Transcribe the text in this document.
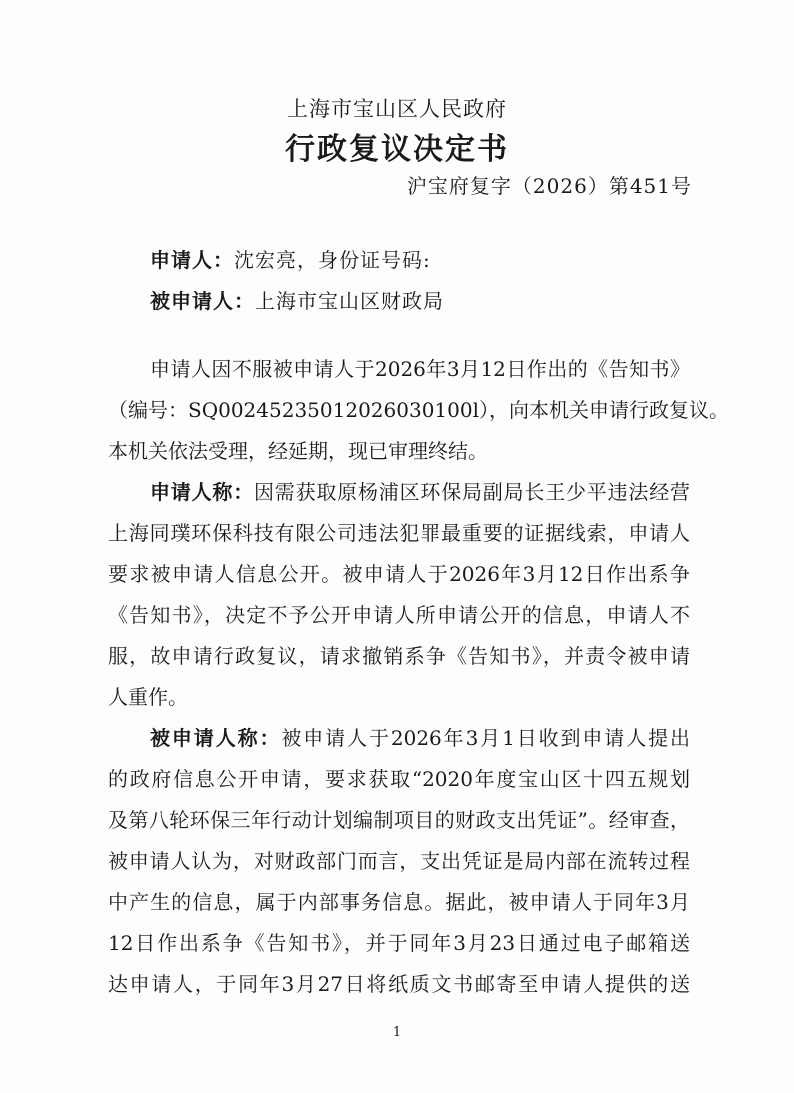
上海市宝山区人民政府
行政复议决定书
沪宝府复字（2026）第451号
申请人：沈宏亮，身份证号码:
被申请人：上海市宝山区财政局
申请人因不服被申请人于2026年3月12日作出的《告知书》
（编号：SQ00245235012026030100l），向本机关申请行政复议。
本机关依法受理，经延期，现已审理终结。
申请人称：因需获取原杨浦区环保局副局长王少平违法经营
上海同璞环保科技有限公司违法犯罪最重要的证据线索，申请人
要求被申请人信息公开。被申请人于2026年3月12日作出系争
《告知书》，决定不予公开申请人所申请公开的信息，申请人不
服，故申请行政复议，请求撤销系争《告知书》，并责令被申请
人重作。
被申请人称：被申请人于2026年3月1日收到申请人提出
的政府信息公开申请，要求获取“2020年度宝山区十四五规划
及第八轮环保三年行动计划编制项目的财政支出凭证”。经审查，
被申请人认为，对财政部门而言，支出凭证是局内部在流转过程
中产生的信息，属于内部事务信息。据此，被申请人于同年3月
12日作出系争《告知书》，并于同年3月23日通过电子邮箱送
达申请人，于同年3月27日将纸质文书邮寄至申请人提供的送
1
